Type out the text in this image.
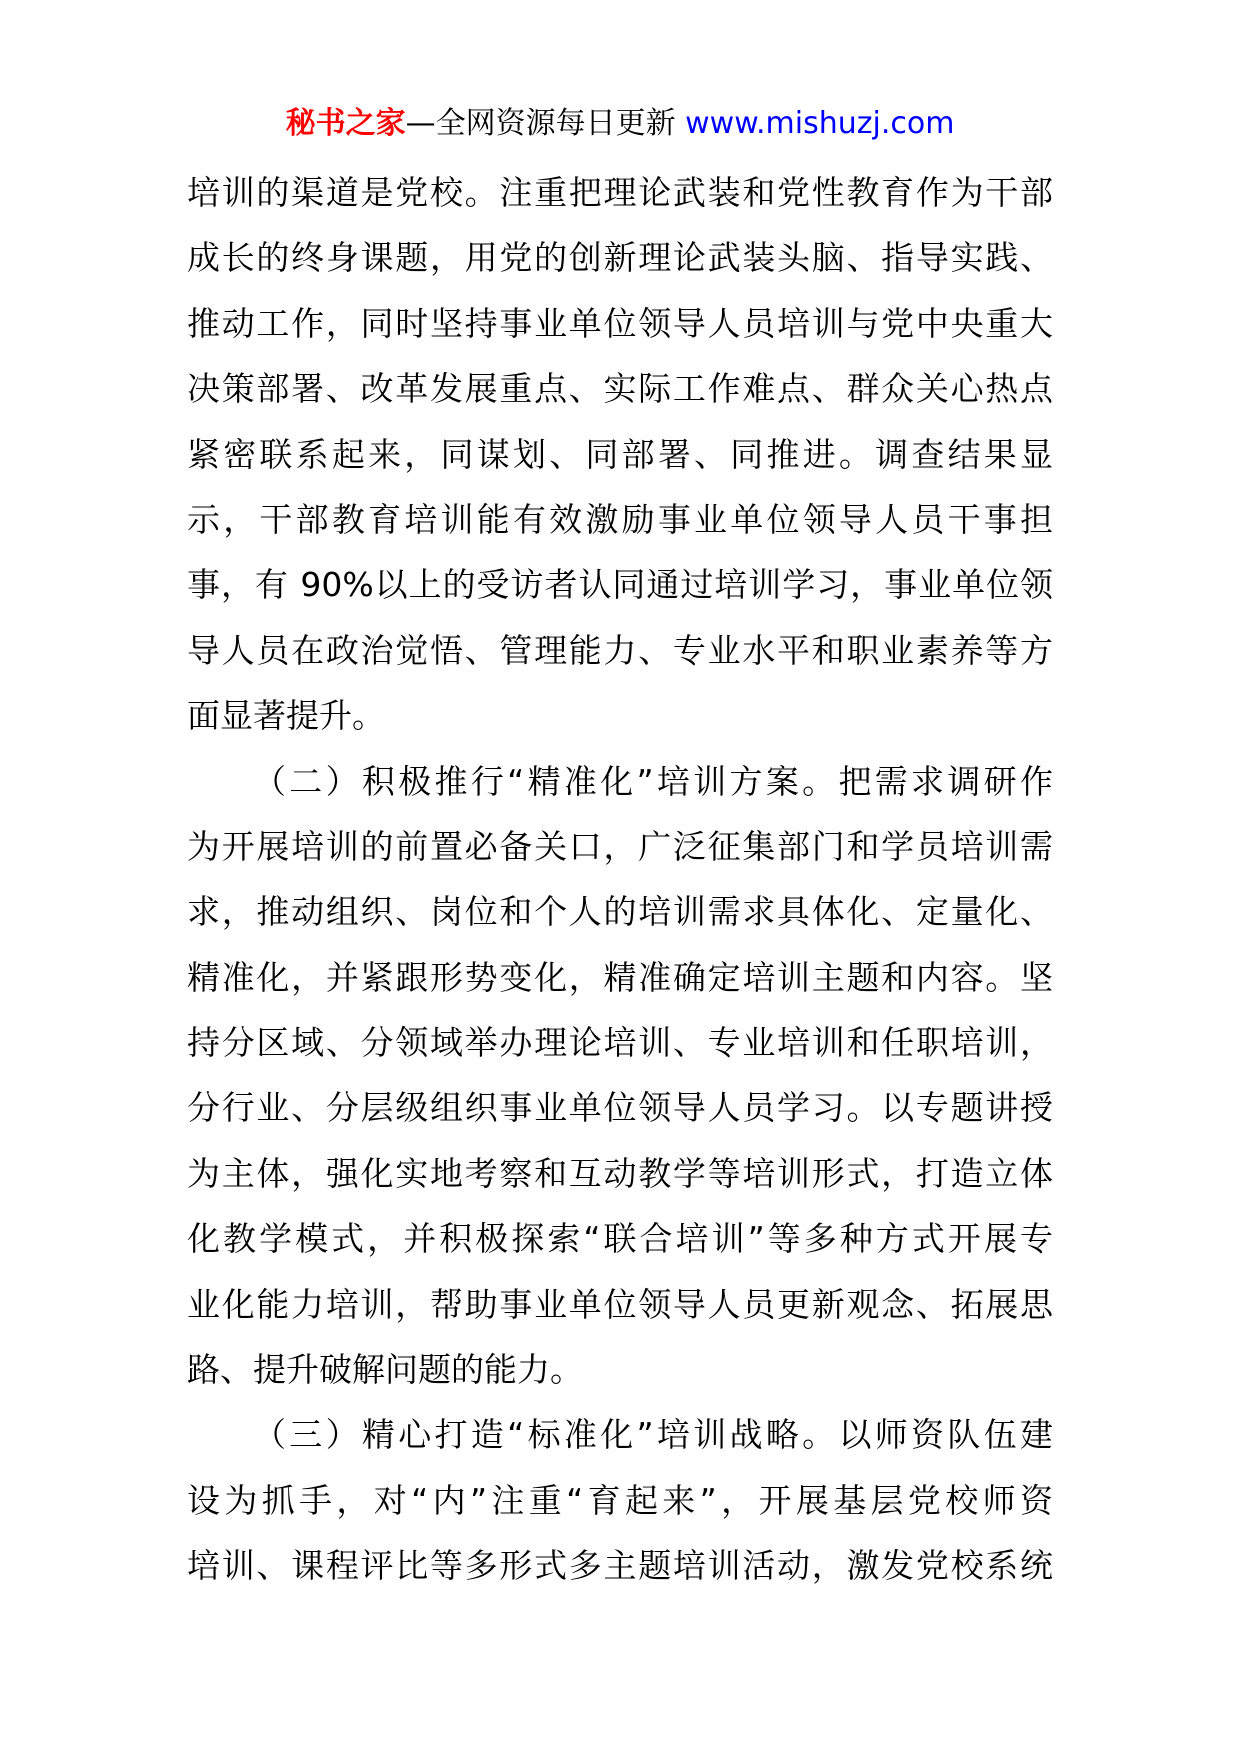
秘书之家—全网资源每日更新 www.mishuzj.com
培训的渠道是党校。注重把理论武装和党性教育作为干部
成长的终身课题，用党的创新理论武装头脑、指导实践、
推动工作，同时坚持事业单位领导人员培训与党中央重大
决策部署、改革发展重点、实际工作难点、群众关心热点
紧密联系起来，同谋划、同部署、同推进。调查结果显
示，干部教育培训能有效激励事业单位领导人员干事担
事，有 90%以上的受访者认同通过培训学习，事业单位领
导人员在政治觉悟、管理能力、专业水平和职业素养等方
面显著提升。
（二）积极推行“精准化”培训方案。把需求调研作
为开展培训的前置必备关口，广泛征集部门和学员培训需
求，推动组织、岗位和个人的培训需求具体化、定量化、
精准化，并紧跟形势变化，精准确定培训主题和内容。坚
持分区域、分领域举办理论培训、专业培训和任职培训，
分行业、分层级组织事业单位领导人员学习。以专题讲授
为主体，强化实地考察和互动教学等培训形式，打造立体
化教学模式，并积极探索“联合培训”等多种方式开展专
业化能力培训，帮助事业单位领导人员更新观念、拓展思
路、提升破解问题的能力。
（三）精心打造“标准化”培训战略。以师资队伍建
设为抓手，对“内”注重“育起来”，开展基层党校师资
培训、课程评比等多形式多主题培训活动，激发党校系统
